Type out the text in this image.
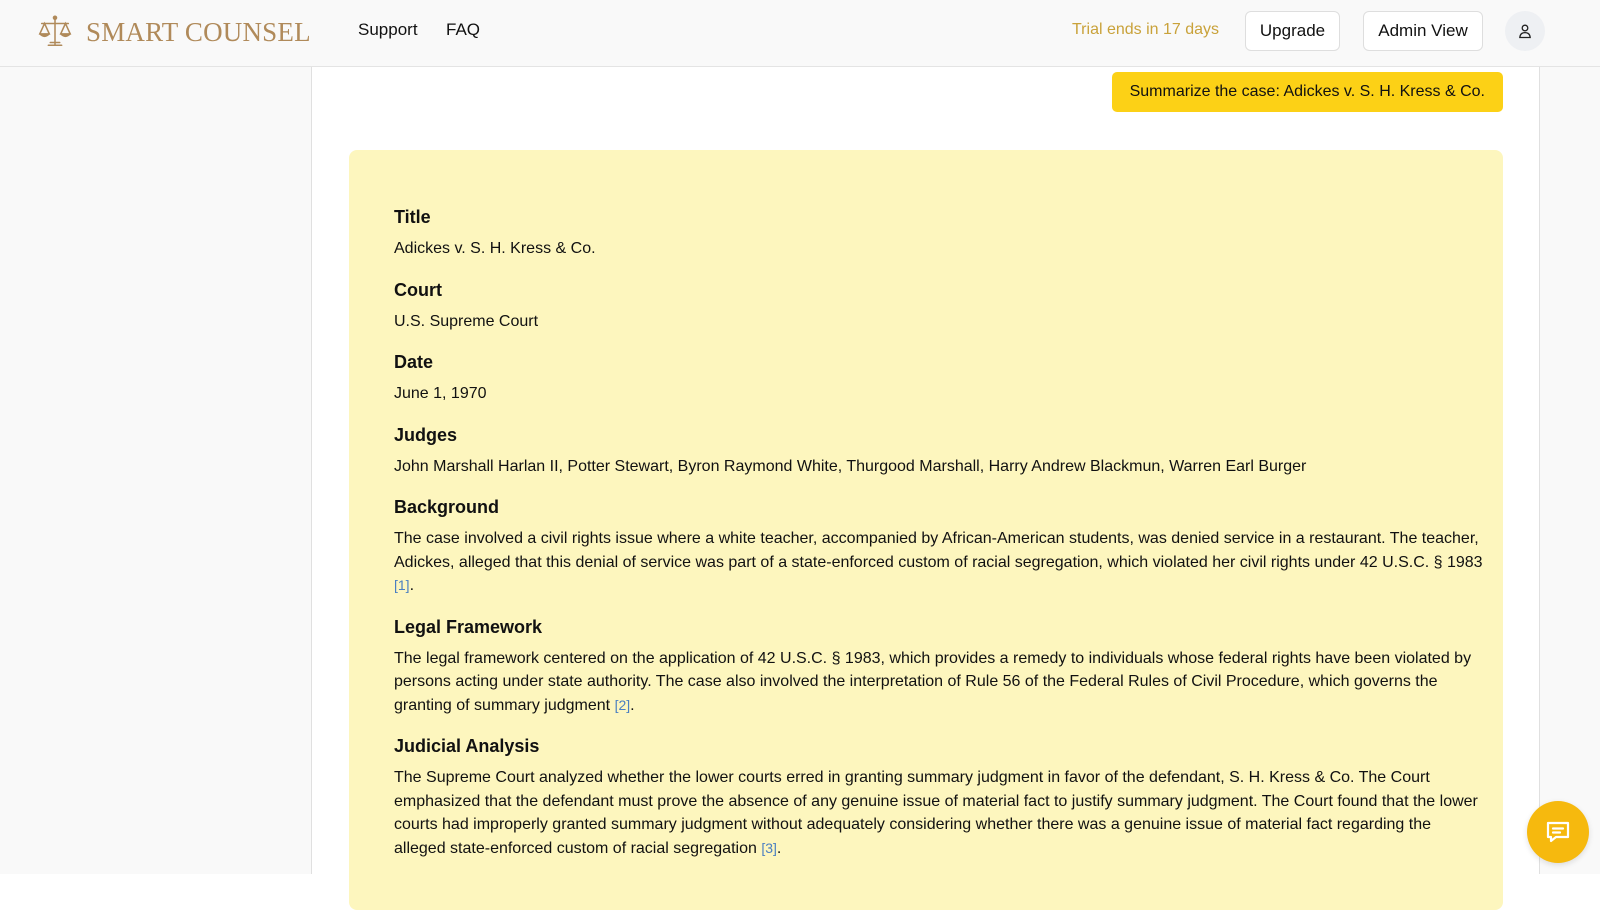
SMART COUNSEL	Support FAQ	Trial ends in 17 days	Upgrade	Admin View
Summarize the case: Adickes v. S. H. Kress & Co.
Title
Adickes v. S. H. Kress & Co.
Court
U.S. Supreme Court
Date
June 1, 1970
Judges
John Marshall Harlan II, Potter Stewart, Byron Raymond White, Thurgood Marshall, Harry Andrew Blackmun, Warren Earl Burger
Background
The case involved a civil rights issue where a white teacher, accompanied by African-American students, was denied service in a restaurant. The teacher, Adickes, alleged that this denial of service was part of a state-enforced custom of racial segregation, which violated her civil rights under 42 U.S.C. § 1983 [1].
Legal Framework
The legal framework centered on the application of 42 U.S.C. § 1983, which provides a remedy to individuals whose federal rights have been violated by persons acting under state authority. The case also involved the interpretation of Rule 56 of the Federal Rules of Civil Procedure, which governs the granting of summary judgment [2].
Judicial Analysis
The Supreme Court analyzed whether the lower courts erred in granting summary judgment in favor of the defendant, S. H. Kress & Co. The Court emphasized that the defendant must prove the absence of any genuine issue of material fact to justify summary judgment. The Court found that the lower courts had improperly granted summary judgment without adequately considering whether there was a genuine issue of material fact regarding the alleged state-enforced custom of racial segregation [3].
